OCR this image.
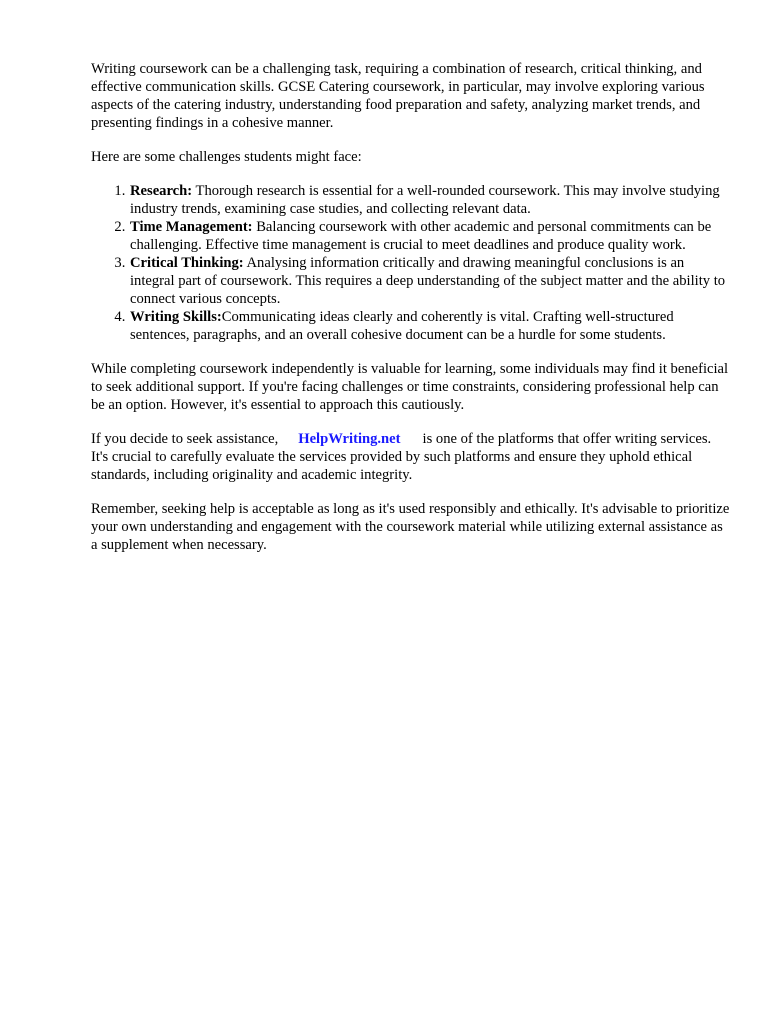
Writing coursework can be a challenging task, requiring a combination of research, critical thinking, and effective communication skills. GCSE Catering coursework, in particular, may involve exploring various aspects of the catering industry, understanding food preparation and safety, analyzing market trends, and presenting findings in a cohesive manner.

Here are some challenges students might face:

1. Research: Thorough research is essential for a well-rounded coursework. This may involve studying industry trends, examining case studies, and collecting relevant data.
2. Time Management: Balancing coursework with other academic and personal commitments can be challenging. Effective time management is crucial to meet deadlines and produce quality work.
3. Critical Thinking: Analysing information critically and drawing meaningful conclusions is an integral part of coursework. This requires a deep understanding of the subject matter and the ability to connect various concepts.
4. Writing Skills:Communicating ideas clearly and coherently is vital. Crafting well-structured sentences, paragraphs, and an overall cohesive document can be a hurdle for some students.

While completing coursework independently is valuable for learning, some individuals may find it beneficial to seek additional support. If you're facing challenges or time constraints, considering professional help can be an option. However, it's essential to approach this cautiously.

If you decide to seek assistance, HelpWriting.net is one of the platforms that offer writing services. It's crucial to carefully evaluate the services provided by such platforms and ensure they uphold ethical standards, including originality and academic integrity.

Remember, seeking help is acceptable as long as it's used responsibly and ethically. It's advisable to prioritize your own understanding and engagement with the coursework material while utilizing external assistance as a supplement when necessary.
